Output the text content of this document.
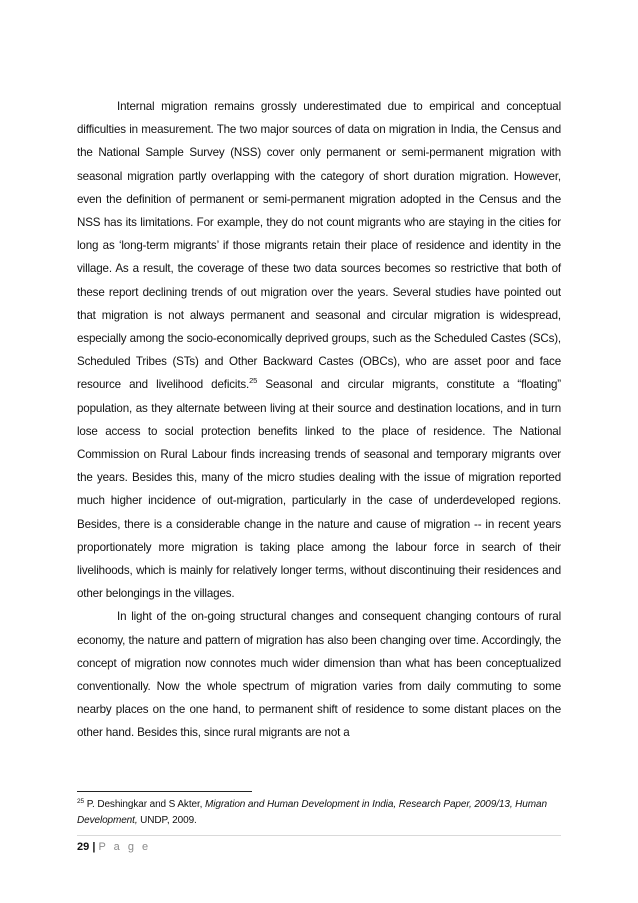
Internal migration remains grossly underestimated due to empirical and conceptual difficulties in measurement. The two major sources of data on migration in India, the Census and the National Sample Survey (NSS) cover only permanent or semi-permanent migration with seasonal migration partly overlapping with the category of short duration migration. However, even the definition of permanent or semi-permanent migration adopted in the Census and the NSS has its limitations. For example, they do not count migrants who are staying in the cities for long as ‘long-term migrants’ if those migrants retain their place of residence and identity in the village. As a result, the coverage of these two data sources becomes so restrictive that both of these report declining trends of out migration over the years. Several studies have pointed out that migration is not always permanent and seasonal and circular migration is widespread, especially among the socio-economically deprived groups, such as the Scheduled Castes (SCs), Scheduled Tribes (STs) and Other Backward Castes (OBCs), who are asset poor and face resource and livelihood deficits.$^{25}$ Seasonal and circular migrants, constitute a “floating” population, as they alternate between living at their source and destination locations, and in turn lose access to social protection benefits linked to the place of residence. The National Commission on Rural Labour finds increasing trends of seasonal and temporary migrants over the years. Besides this, many of the micro studies dealing with the issue of migration reported much higher incidence of out-migration, particularly in the case of underdeveloped regions. Besides, there is a considerable change in the nature and cause of migration -- in recent years proportionately more migration is taking place among the labour force in search of their livelihoods, which is mainly for relatively longer terms, without discontinuing their residences and other belongings in the villages.

In light of the on-going structural changes and consequent changing contours of rural economy, the nature and pattern of migration has also been changing over time. Accordingly, the concept of migration now connotes much wider dimension than what has been conceptualized conventionally. Now the whole spectrum of migration varies from daily commuting to some nearby places on the one hand, to permanent shift of residence to some distant places on the other hand. Besides this, since rural migrants are not a

$^{25}$ P. Deshingkar and S Akter, Migration and Human Development in India, Research Paper, 2009/13, Human Development, UNDP, 2009.
29 | P a g e
